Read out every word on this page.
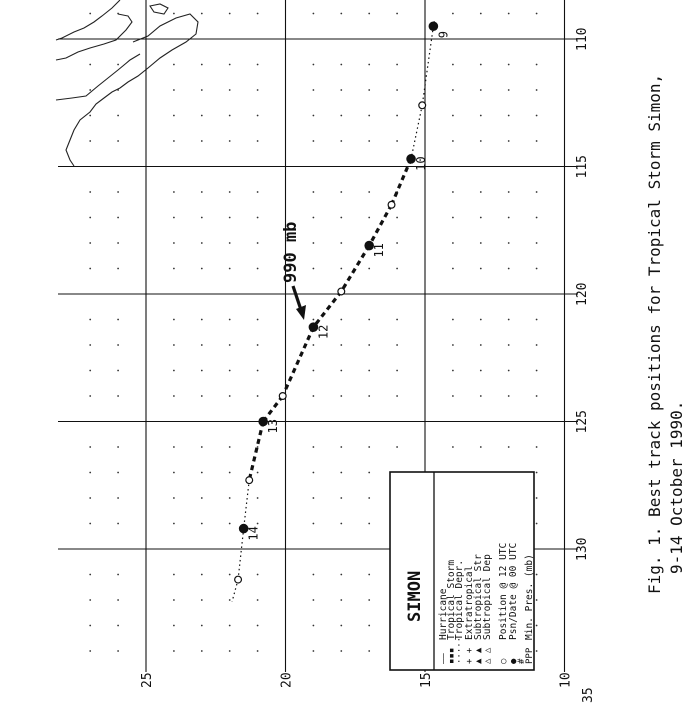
9
10
11
12
13
14
110
115
120
125
130
25	20	15	10
35
990 mb
SIMON
——
Hurricane
▪▪▪
Tropical Storm
·····
Tropical Depr.
+ +
Extratropical
▲ ▲
Subtropical Str
△ △
Subtropical Dep
○
Position @ 12 UTC
●
Psn/Date @ 00 UTC
#
PPP
Min. Pres. (mb)
Fig. 1. Best track positions for Tropical Storm Simon, 9-14 October 1990.
